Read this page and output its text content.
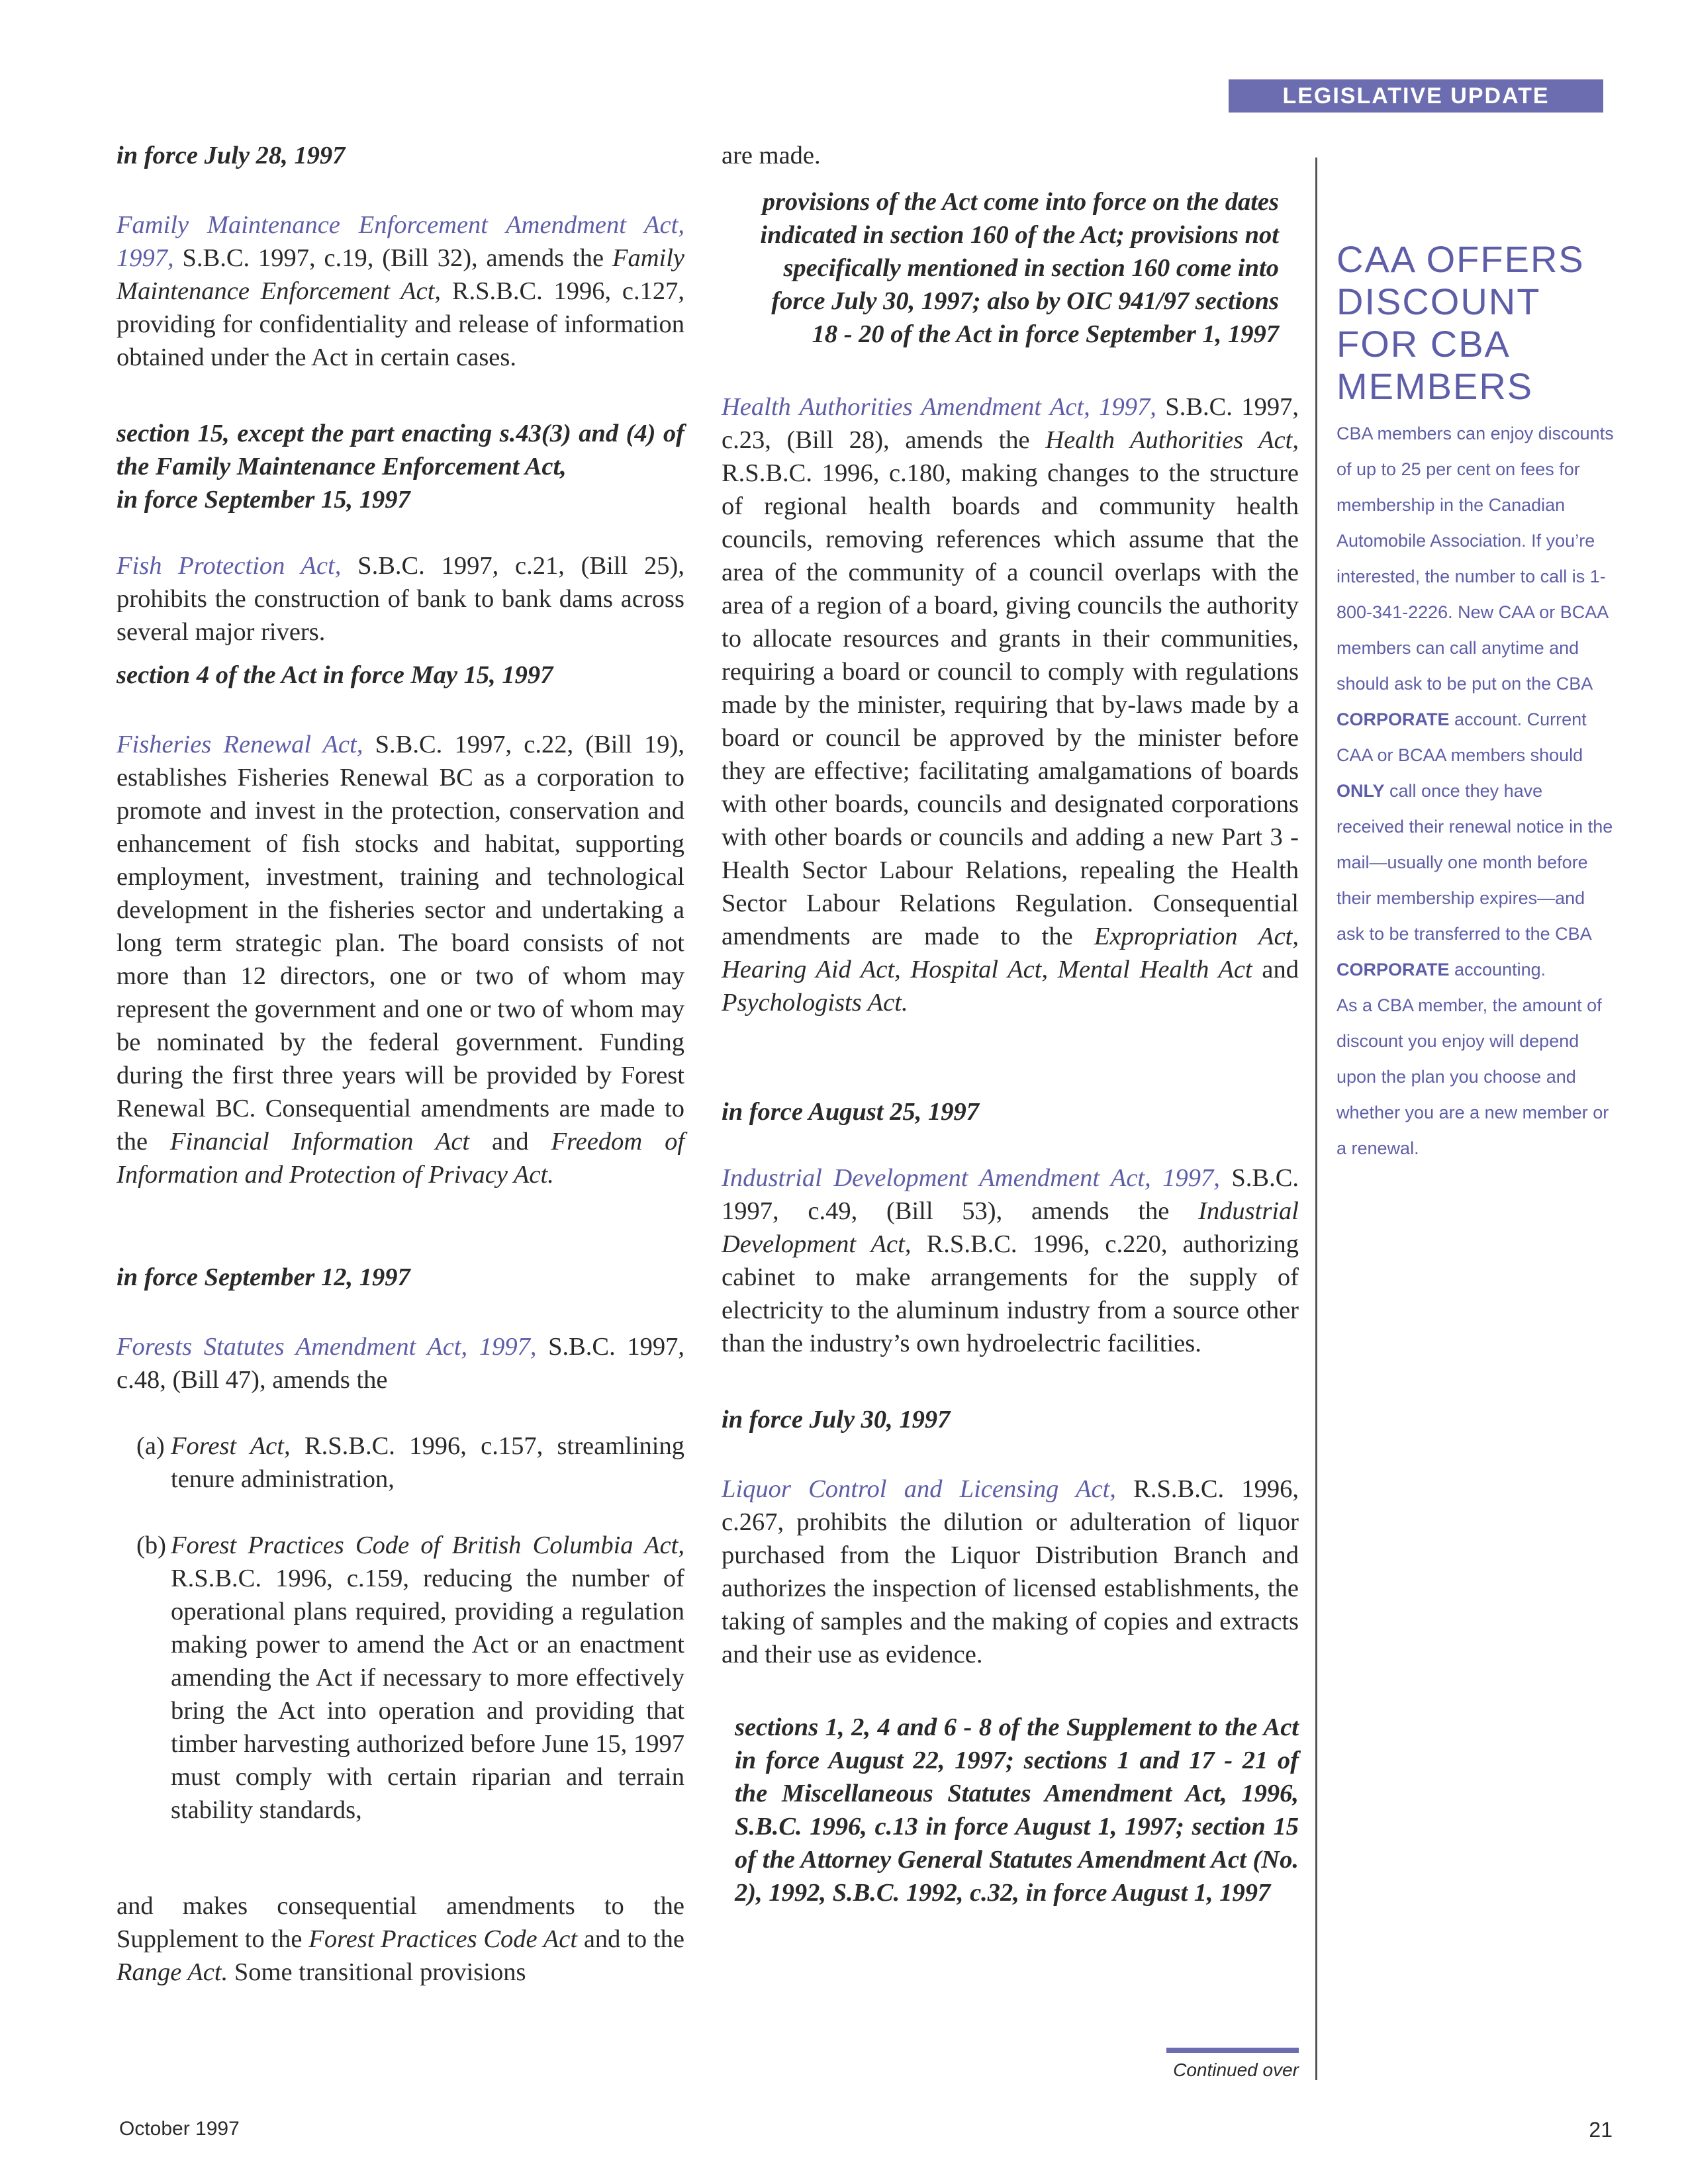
LEGISLATIVE UPDATE

in force July 28, 1997

Family Maintenance Enforcement Amendment Act, 1997, S.B.C. 1997, c.19, (Bill 32), amends the Family Maintenance Enforcement Act, R.S.B.C. 1996, c.127, providing for confidentiality and release of information obtained under the Act in certain cases.

section 15, except the part enacting s.43(3) and (4) of the Family Maintenance Enforcement Act,

in force September 15, 1997

Fish Protection Act, S.B.C. 1997, c.21, (Bill 25), prohibits the construction of bank to bank dams across several major rivers.

section 4 of the Act in force May 15, 1997

Fisheries Renewal Act, S.B.C. 1997, c.22, (Bill 19), establishes Fisheries Renewal BC as a corporation to promote and invest in the protection, conservation and enhancement of fish stocks and habitat, supporting employment, investment, training and technological development in the fisheries sector and undertaking a long term strategic plan. The board consists of not more than 12 directors, one or two of whom may represent the government and one or two of whom may be nominated by the federal government. Funding during the first three years will be provided by Forest Renewal BC. Consequential amendments are made to the Financial Information Act and Freedom of Information and Protection of Privacy Act.

in force September 12, 1997

Forests Statutes Amendment Act, 1997, S.B.C. 1997, c.48, (Bill 47), amends the

(a) Forest Act, R.S.B.C. 1996, c.157, streamlining tenure administration,

(b) Forest Practices Code of British Columbia Act, R.S.B.C. 1996, c.159, reducing the number of operational plans required, providing a regulation making power to amend the Act or an enactment amending the Act if necessary to more effectively bring the Act into operation and providing that timber harvesting authorized before June 15, 1997 must comply with certain riparian and terrain stability standards,

and makes consequential amendments to the Supplement to the Forest Practices Code Act and to the Range Act. Some transitional provisions

are made.

provisions of the Act come into force on the dates indicated in section 160 of the Act; provisions not specifically mentioned in section 160 come into force July 30, 1997; also by OIC 941/97 sections 18 - 20 of the Act in force September 1, 1997

Health Authorities Amendment Act, 1997, S.B.C. 1997, c.23, (Bill 28), amends the Health Authorities Act, R.S.B.C. 1996, c.180, making changes to the structure of regional health boards and community health councils, removing references which assume that the area of the community of a council overlaps with the area of a region of a board, giving councils the authority to allocate resources and grants in their communities, requiring a board or council to comply with regulations made by the minister, requiring that by-laws made by a board or council be approved by the minister before they are effective; facilitating amalgamations of boards with other boards, councils and designated corporations with other boards or councils and adding a new Part 3 - Health Sector Labour Relations, repealing the Health Sector Labour Relations Regulation. Consequential amendments are made to the Expropriation Act, Hearing Aid Act, Hospital Act, Mental Health Act and Psychologists Act.

in force August 25, 1997

Industrial Development Amendment Act, 1997, S.B.C. 1997, c.49, (Bill 53), amends the Industrial Development Act, R.S.B.C. 1996, c.220, authorizing cabinet to make arrangements for the supply of electricity to the aluminum industry from a source other than the industry’s own hydroelectric facilities.

in force July 30, 1997

Liquor Control and Licensing Act, R.S.B.C. 1996, c.267, prohibits the dilution or adulteration of liquor purchased from the Liquor Distribution Branch and authorizes the inspection of licensed establishments, the taking of samples and the making of copies and extracts and their use as evidence.

sections 1, 2, 4 and 6 - 8 of the Supplement to the Act in force August 22, 1997; sections 1 and 17 - 21 of the Miscellaneous Statutes Amendment Act, 1996, S.B.C. 1996, c.13 in force August 1, 1997; section 15 of the Attorney General Statutes Amendment Act (No. 2), 1992, S.B.C. 1992, c.32, in force August 1, 1997

Continued over

CAA OFFERS DISCOUNT FOR CBA MEMBERS

CBA members can enjoy discounts of up to 25 per cent on fees for membership in the Canadian Automobile Association. If you’re interested, the number to call is 1-800-341-2226. New CAA or BCAA members can call anytime and should ask to be put on the CBA CORPORATE account. Current CAA or BCAA members should ONLY call once they have received their renewal notice in the mail—usually one month before their membership expires—and ask to be transferred to the CBA CORPORATE accounting.

As a CBA member, the amount of discount you enjoy will depend upon the plan you choose and whether you are a new member or a renewal.

October 1997	21
